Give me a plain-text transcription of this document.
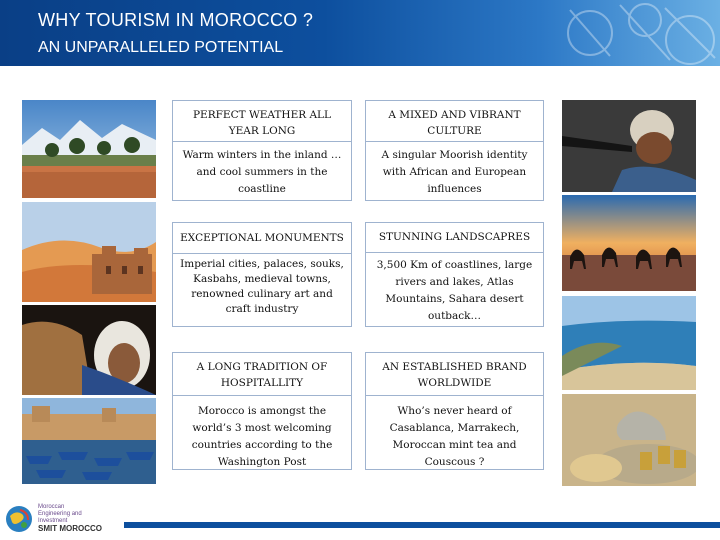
WHY TOURISM IN MOROCCO ?
AN UNPARALLELED POTENTIAL
PERFECT WEATHER ALL YEAR LONG
Warm winters in the inland … and cool summers in the coastline
A MIXED AND VIBRANT CULTURE
A singular Moorish identity with African and European influences
EXCEPTIONAL MONUMENTS
Imperial cities, palaces, souks, Kasbahs, medieval towns, renowned culinary art and craft industry
STUNNING LANDSCAPRES
3,500 Km of coastlines, large rivers and lakes, Atlas Mountains, Sahara desert outback…
A LONG TRADITION OF HOSPITALLITY
Morocco is amongst the world’s 3 most welcoming countries according to the Washington Post
AN ESTABLISHED BRAND WORLDWIDE
Who’s never heard of Casablanca, Marrakech, Moroccan mint tea and Couscous ?
Moroccan Engineering and Investment
SMIT MOROCCO
